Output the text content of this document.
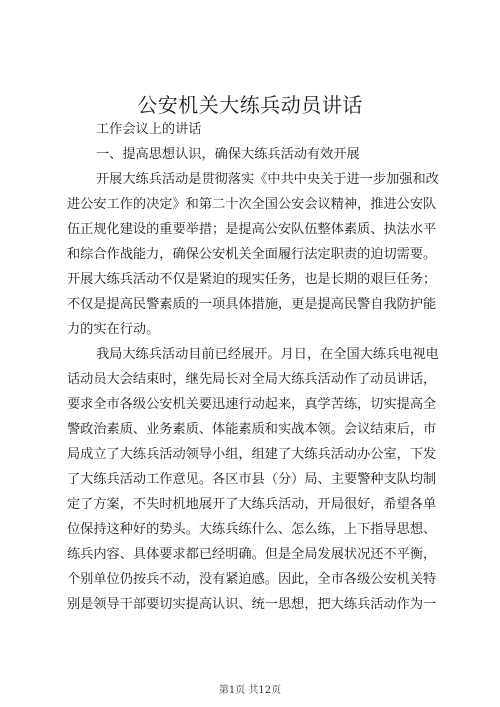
公安机关大练兵动员讲话
工作会议上的讲话
一、提高思想认识，确保大练兵活动有效开展
开展大练兵活动是贯彻落实《中共中央关于进一步加强和改
进公安工作的决定》和第二十次全国公安会议精神，推进公安队
伍正规化建设的重要举措；是提高公安队伍整体素质、执法水平
和综合作战能力，确保公安机关全面履行法定职责的迫切需要。
开展大练兵活动不仅是紧迫的现实任务，也是长期的艰巨任务；
不仅是提高民警素质的一项具体措施，更是提高民警自我防护能
力的实在行动。
我局大练兵活动目前已经展开。月日，在全国大练兵电视电
话动员大会结束时，继先局长对全局大练兵活动作了动员讲话，
要求全市各级公安机关要迅速行动起来，真学苦练，切实提高全
警政治素质、业务素质、体能素质和实战本领。会议结束后，市
局成立了大练兵活动领导小组，组建了大练兵活动办公室，下发
了大练兵活动工作意见。各区市县（分）局、主要警种支队均制
定了方案，不失时机地展开了大练兵活动，开局很好，希望各单
位保持这种好的势头。大练兵练什么、怎么练，上下指导思想、
练兵内容、具体要求都已经明确。但是全局发展状况还不平衡，
个别单位仍按兵不动，没有紧迫感。因此，全市各级公安机关特
别是领导干部要切实提高认识、统一思想，把大练兵活动作为一
第1页 共12页
